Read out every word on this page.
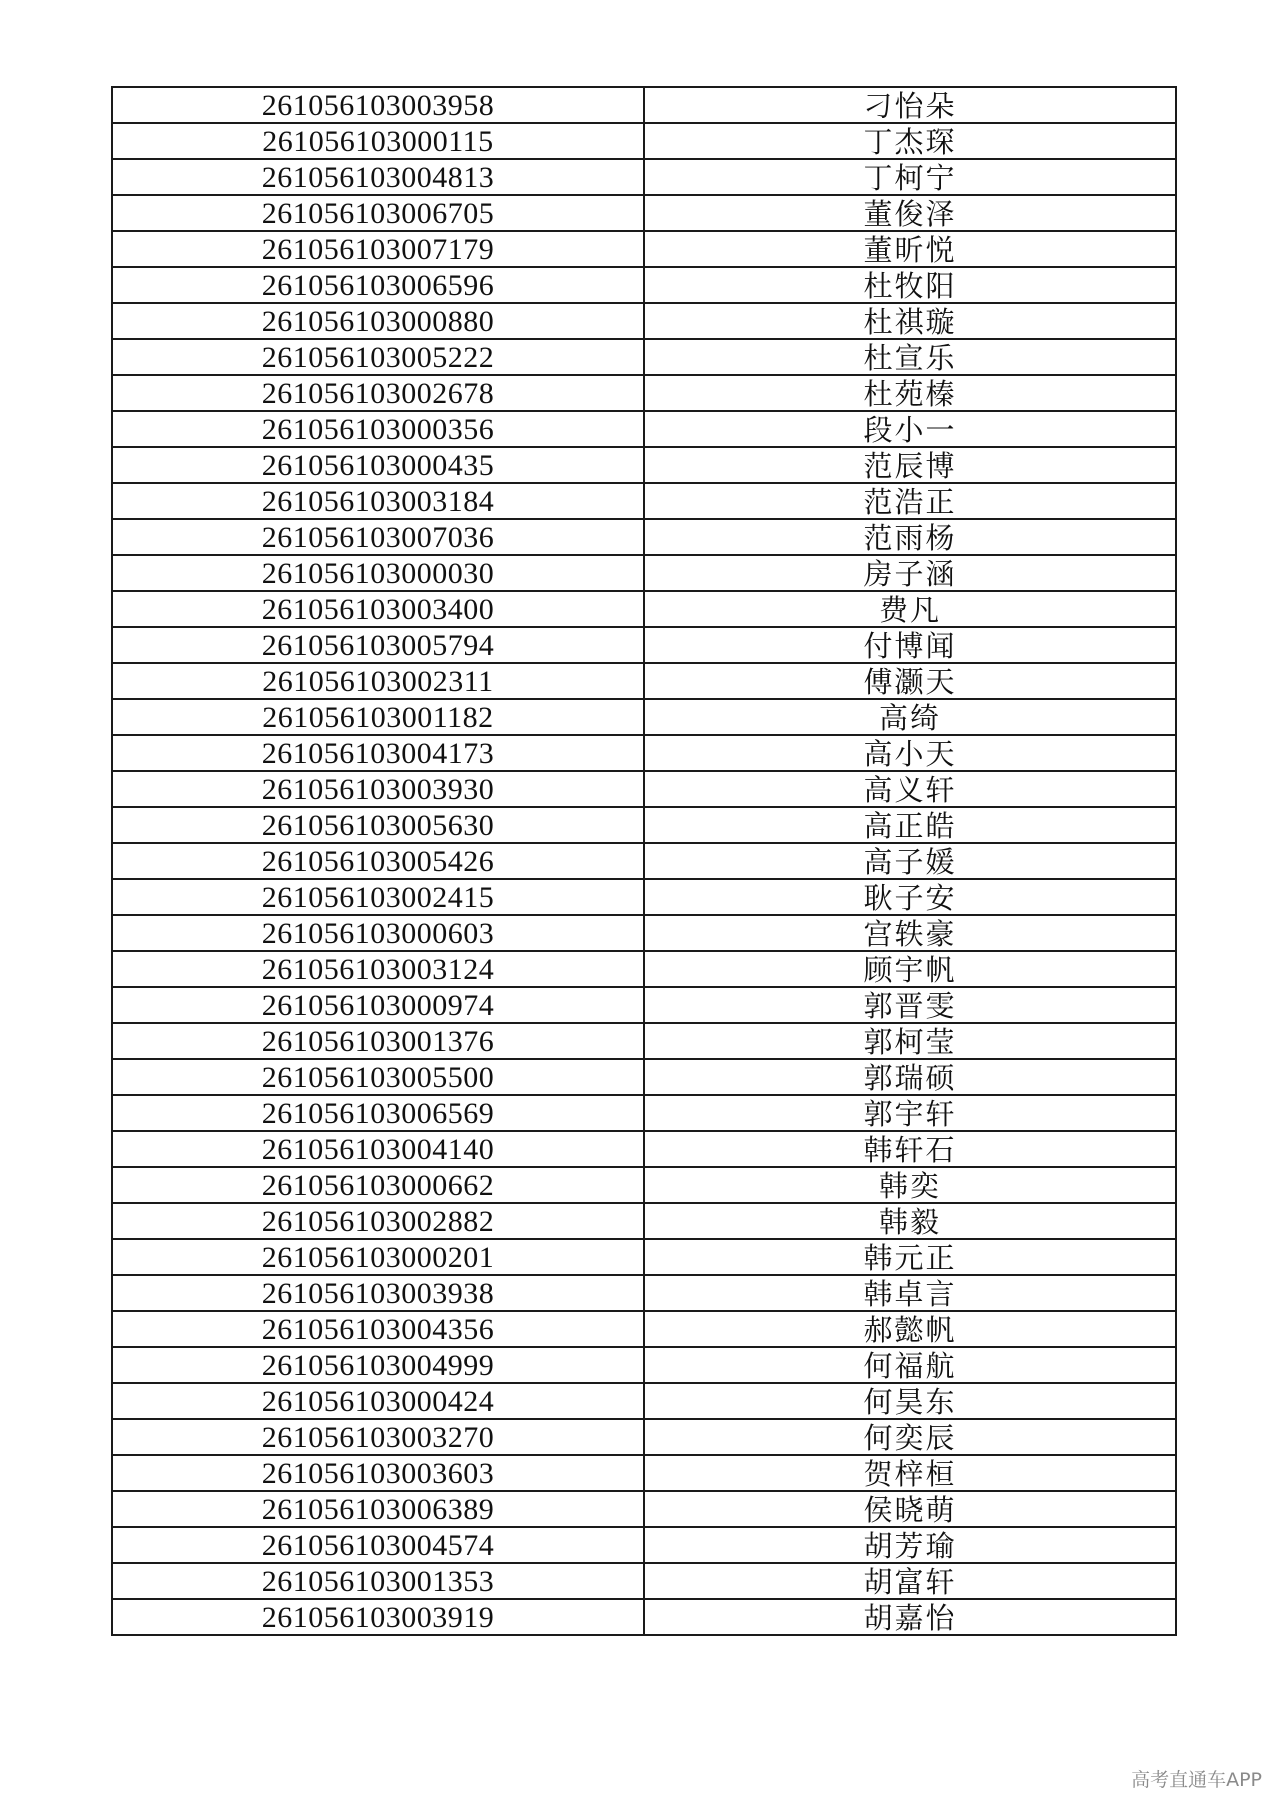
261056103003958	刁怡朵
261056103000115	丁杰琛
261056103004813	丁柯宁
261056103006705	董俊泽
261056103007179	董昕悦
261056103006596	杜牧阳
261056103000880	杜祺璇
261056103005222	杜宣乐
261056103002678	杜苑榛
261056103000356	段小一
261056103000435	范辰博
261056103003184	范浩正
261056103007036	范雨杨
261056103000030	房子涵
261056103003400	费凡
261056103005794	付博闻
261056103002311	傅灏天
261056103001182	高绮
261056103004173	高小天
261056103003930	高义轩
261056103005630	高正皓
261056103005426	高子媛
261056103002415	耿子安
261056103000603	宫轶豪
261056103003124	顾宇帆
261056103000974	郭晋雯
261056103001376	郭柯莹
261056103005500	郭瑞硕
261056103006569	郭宇轩
261056103004140	韩轩石
261056103000662	韩奕
261056103002882	韩毅
261056103000201	韩元正
261056103003938	韩卓言
261056103004356	郝懿帆
261056103004999	何福航
261056103000424	何昊东
261056103003270	何奕辰
261056103003603	贺梓桓
261056103006389	侯晓萌
261056103004574	胡芳瑜
261056103001353	胡富轩
261056103003919	胡嘉怡
高考直通车APP
